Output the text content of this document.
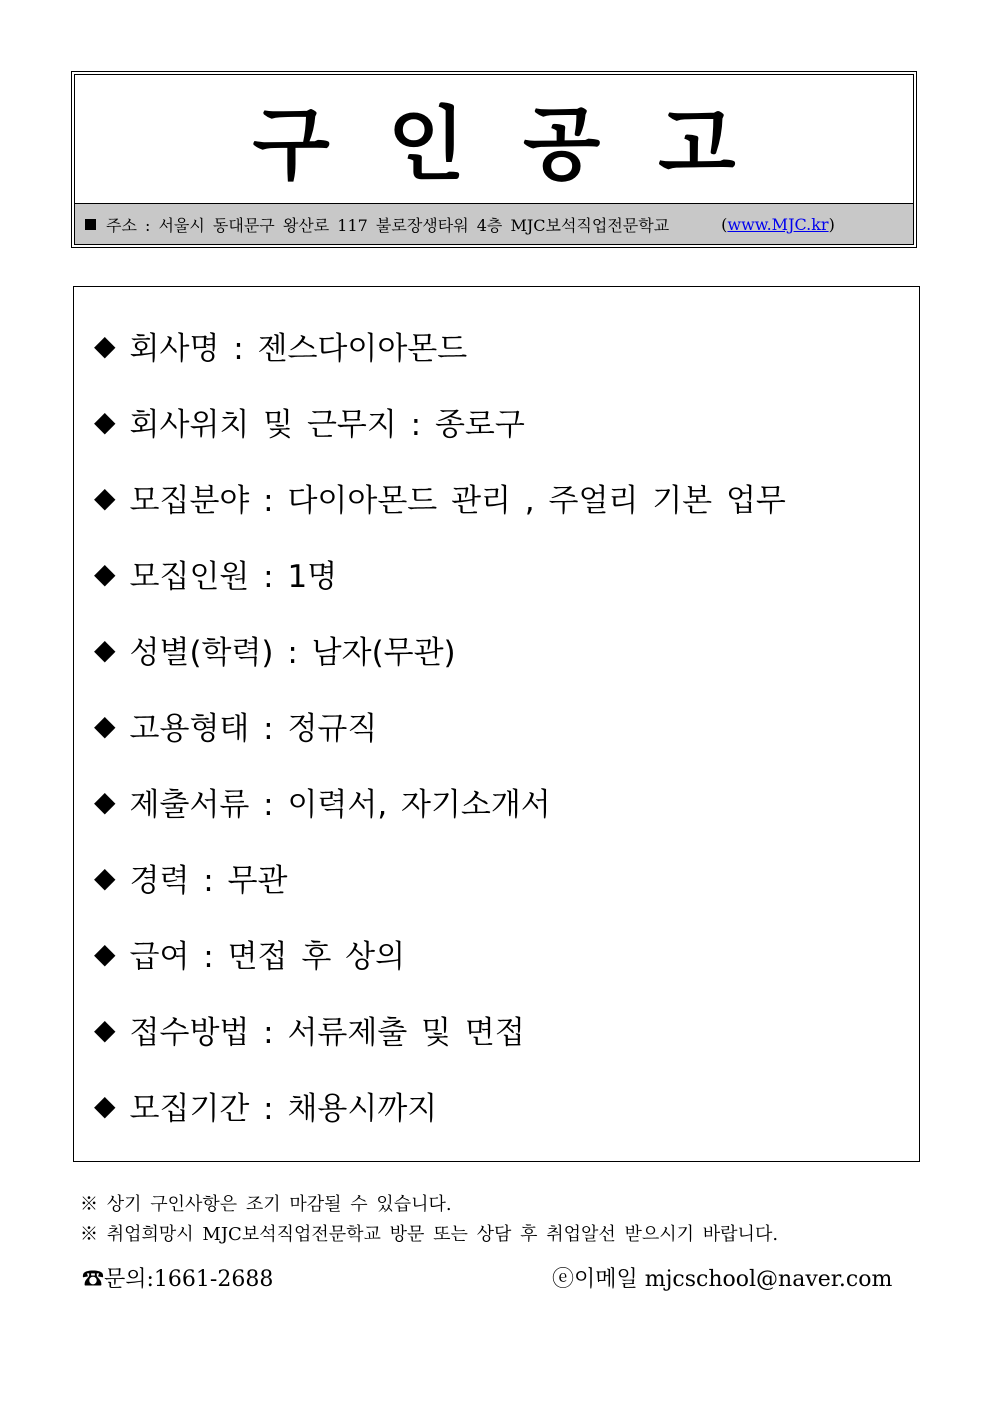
구인공고
주소 : 서울시 동대문구 왕산로 117 불로장생타워 4층 MJC보석직업전문학교	(www.MJC.kr)
◆ 회사명 : 젠스다이아몬드
◆ 회사위치 및 근무지 : 종로구
◆ 모집분야 : 다이아몬드 관리 , 주얼리 기본 업무
◆ 모집인원 : 1명
◆ 성별(학력) : 남자(무관)
◆ 고용형태 : 정규직
◆ 제출서류 : 이력서, 자기소개서
◆ 경력 : 무관
◆ 급여 : 면접 후 상의
◆ 접수방법 : 서류제출 및 면접
◆ 모집기간 : 채용시까지
※ 상기 구인사항은 조기 마감될 수 있습니다.
※ 취업희망시 MJC보석직업전문학교 방문 또는 상담 후 취업알선 받으시기 바랍니다.
☎문의:1661-2688	ⓔ이메일 mjcschool@naver.com
